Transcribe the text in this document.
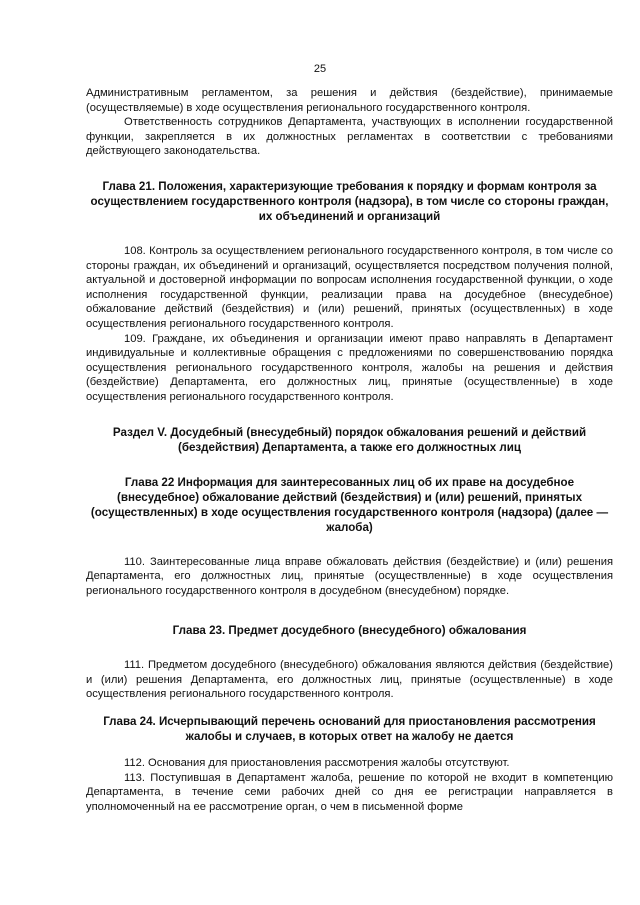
25

Административным регламентом, за решения и действия (бездействие), принимаемые (осуществляемые) в ходе осуществления регионального государственного контроля.

Ответственность сотрудников Департамента, участвующих в исполнении государственной функции, закрепляется в их должностных регламентах в соответствии с требованиями действующего законодательства.

Глава 21. Положения, характеризующие требования к порядку и формам контроля за осуществлением государственного контроля (надзора), в том числе со стороны граждан, их объединений и организаций

108. Контроль за осуществлением регионального государственного контроля, в том числе со стороны граждан, их объединений и организаций, осуществляется посредством получения полной, актуальной и достоверной информации по вопросам исполнения государственной функции, о ходе исполнения государственной функции, реализации права на досудебное (внесудебное) обжалование действий (бездействия) и (или) решений, принятых (осуществленных) в ходе осуществления регионального государственного контроля.

109. Граждане, их объединения и организации имеют право направлять в Департамент индивидуальные и коллективные обращения с предложениями по совершенствованию порядка осуществления регионального государственного контроля, жалобы на решения и действия (бездействие) Департамента, его должностных лиц, принятые (осуществленные) в ходе осуществления регионального государственного контроля.

Раздел V. Досудебный (внесудебный) порядок обжалования решений и действий (бездействия) Департамента, а также его должностных лиц
Глава 22 Информация для заинтересованных лиц об их праве на досудебное (внесудебное) обжалование действий (бездействия) и (или) решений, принятых (осуществленных) в ходе осуществления государственного контроля (надзора) (далее — жалоба)

110. Заинтересованные лица вправе обжаловать действия (бездействие) и (или) решения Департамента, его должностных лиц, принятые (осуществленные) в ходе осуществления регионального государственного контроля в досудебном (внесудебном) порядке.

Глава 23. Предмет досудебного (внесудебного) обжалования

111. Предметом досудебного (внесудебного) обжалования являются действия (бездействие) и (или) решения Департамента, его должностных лиц, принятые (осуществленные) в ходе осуществления регионального государственного контроля.

Глава 24. Исчерпывающий перечень оснований для приостановления рассмотрения жалобы и случаев, в которых ответ на жалобу не дается

112. Основания для приостановления рассмотрения жалобы отсутствуют.

113. Поступившая в Департамент жалоба, решение по которой не входит в компетенцию Департамента, в течение семи рабочих дней со дня ее регистрации направляется в уполномоченный на ее рассмотрение орган, о чем в письменной форме
